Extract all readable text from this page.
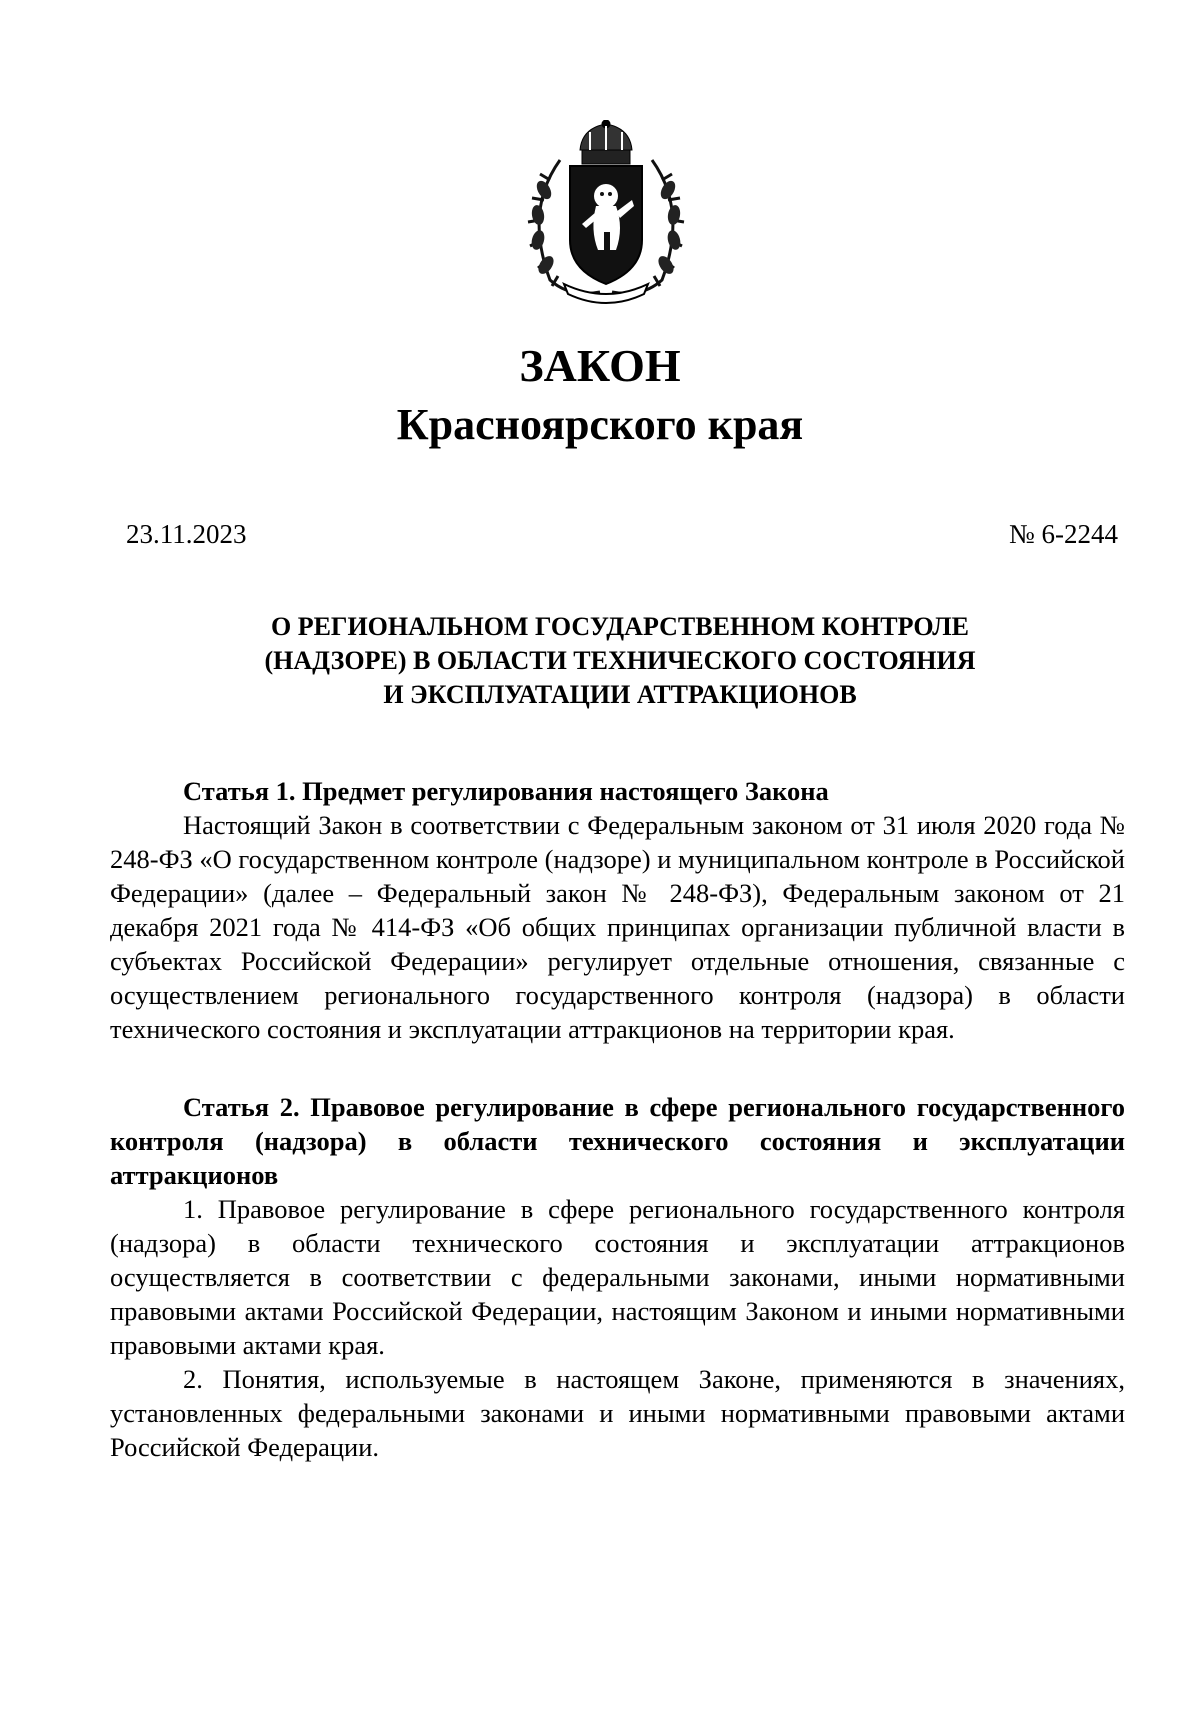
ЗАКОН
Красноярского края
23.11.2023	№ 6-2244
О РЕГИОНАЛЬНОМ ГОСУДАРСТВЕННОМ КОНТРОЛЕ
(НАДЗОРЕ) В ОБЛАСТИ ТЕХНИЧЕСКОГО СОСТОЯНИЯ
И ЭКСПЛУАТАЦИИ АТТРАКЦИОНОВ
Статья 1. Предмет регулирования настоящего Закона
Настоящий Закон в соответствии с Федеральным законом от 31 июля 2020 года № 248-ФЗ «О государственном контроле (надзоре) и муниципальном контроле в Российской Федерации» (далее – Федеральный закон № 248-ФЗ), Федеральным законом от 21 декабря 2021 года № 414-ФЗ «Об общих принципах организации публичной власти в субъектах Российской Федерации» регулирует отдельные отношения, связанные с осуществлением регионального государственного контроля (надзора) в области технического состояния и эксплуатации аттракционов на территории края.
Статья 2. Правовое регулирование в сфере регионального государственного контроля (надзора) в области технического состояния и эксплуатации аттракционов
1. Правовое регулирование в сфере регионального государственного контроля (надзора) в области технического состояния и эксплуатации аттракционов осуществляется в соответствии с федеральными законами, иными нормативными правовыми актами Российской Федерации, настоящим Законом и иными нормативными правовыми актами края.
2. Понятия, используемые в настоящем Законе, применяются в значениях, установленных федеральными законами и иными нормативными правовыми актами Российской Федерации.
